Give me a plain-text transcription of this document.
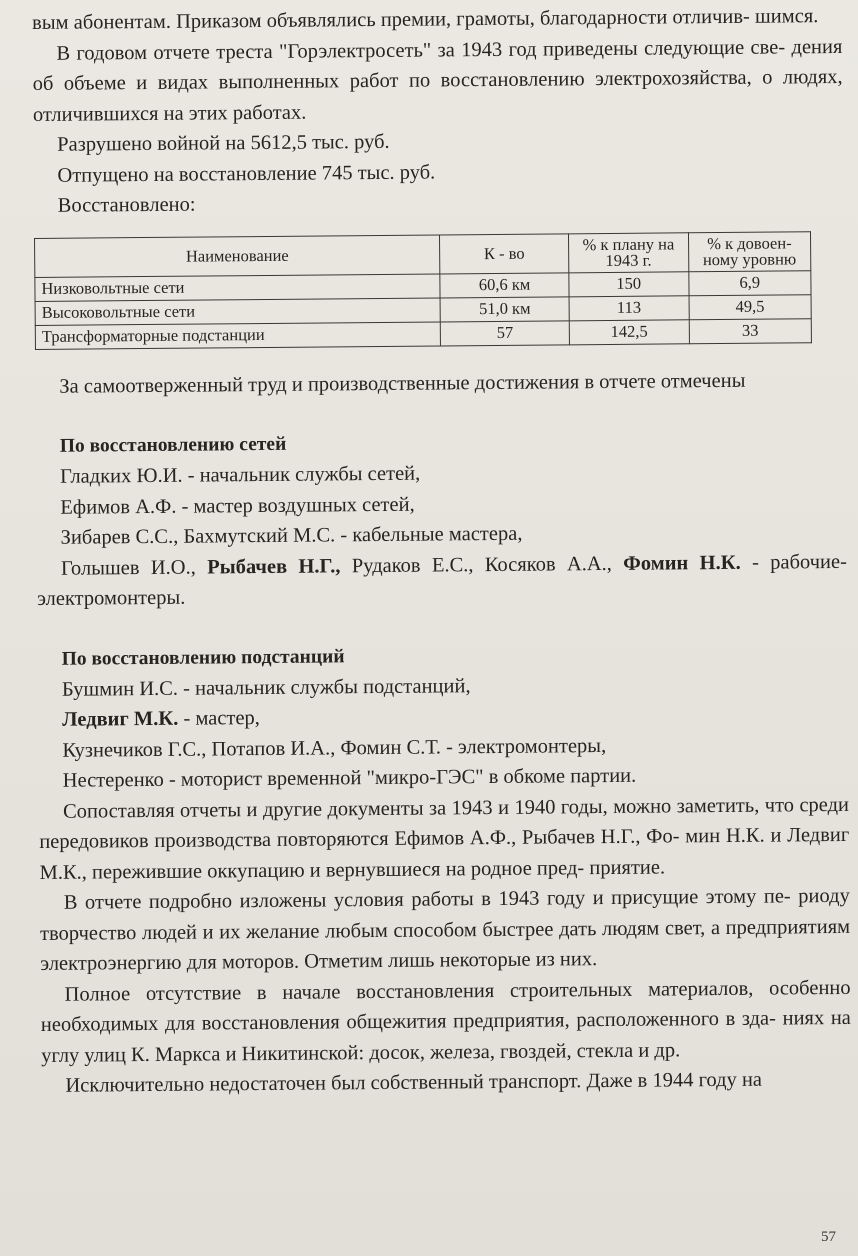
вым абонентам. Приказом объявлялись премии, грамоты, благодарности отличив- шимся.

В годовом отчете треста "Горэлектросеть" за 1943 год приведены следующие све- дения об объеме и видах выполненных работ по восстановлению электрохозяйства, о людях, отличившихся на этих работах.

Разрушено войной на 5612,5 тыс. руб.

Отпущено на восстановление 745 тыс. руб.

Восстановлено:

Наименование	К - во	% к плану на 1943 г.	% к довоен- ному уровню
Низковольтные сети	60,6 км	150	6,9
Высоковольтные сети	51,0 км	113	49,5
Трансформаторные подстанции	57	142,5	33

За самоотверженный труд и производственные достижения в отчете отмечены

По восстановлению сетей

Гладких Ю.И. - начальник службы сетей,

Ефимов А.Ф. - мастер воздушных сетей,

Зибарев С.С., Бахмутский М.С. - кабельные мастера,

Голышев И.О., Рыбачев Н.Г., Рудаков Е.С., Косяков А.А., Фомин Н.К. - рабочие- электромонтеры.

По восстановлению подстанций

Бушмин И.С. - начальник службы подстанций,

Ледвиг М.К. - мастер,

Кузнечиков Г.С., Потапов И.А., Фомин С.Т. - электромонтеры,

Нестеренко - моторист временной "микро-ГЭС" в обкоме партии.

Сопоставляя отчеты и другие документы за 1943 и 1940 годы, можно заметить, что среди передовиков производства повторяются Ефимов А.Ф., Рыбачев Н.Г., Фо- мин Н.К. и Ледвиг М.К., пережившие оккупацию и вернувшиеся на родное пред- приятие.

В отчете подробно изложены условия работы в 1943 году и присущие этому пе- риоду творчество людей и их желание любым способом быстрее дать людям свет, а предприятиям электроэнергию для моторов. Отметим лишь некоторые из них.

Полное отсутствие в начале восстановления строительных материалов, особенно необходимых для восстановления общежития предприятия, расположенного в зда- ниях на углу улиц К. Маркса и Никитинской: досок, железа, гвоздей, стекла и др.

Исключительно недостаточен был собственный транспорт. Даже в 1944 году на

57
